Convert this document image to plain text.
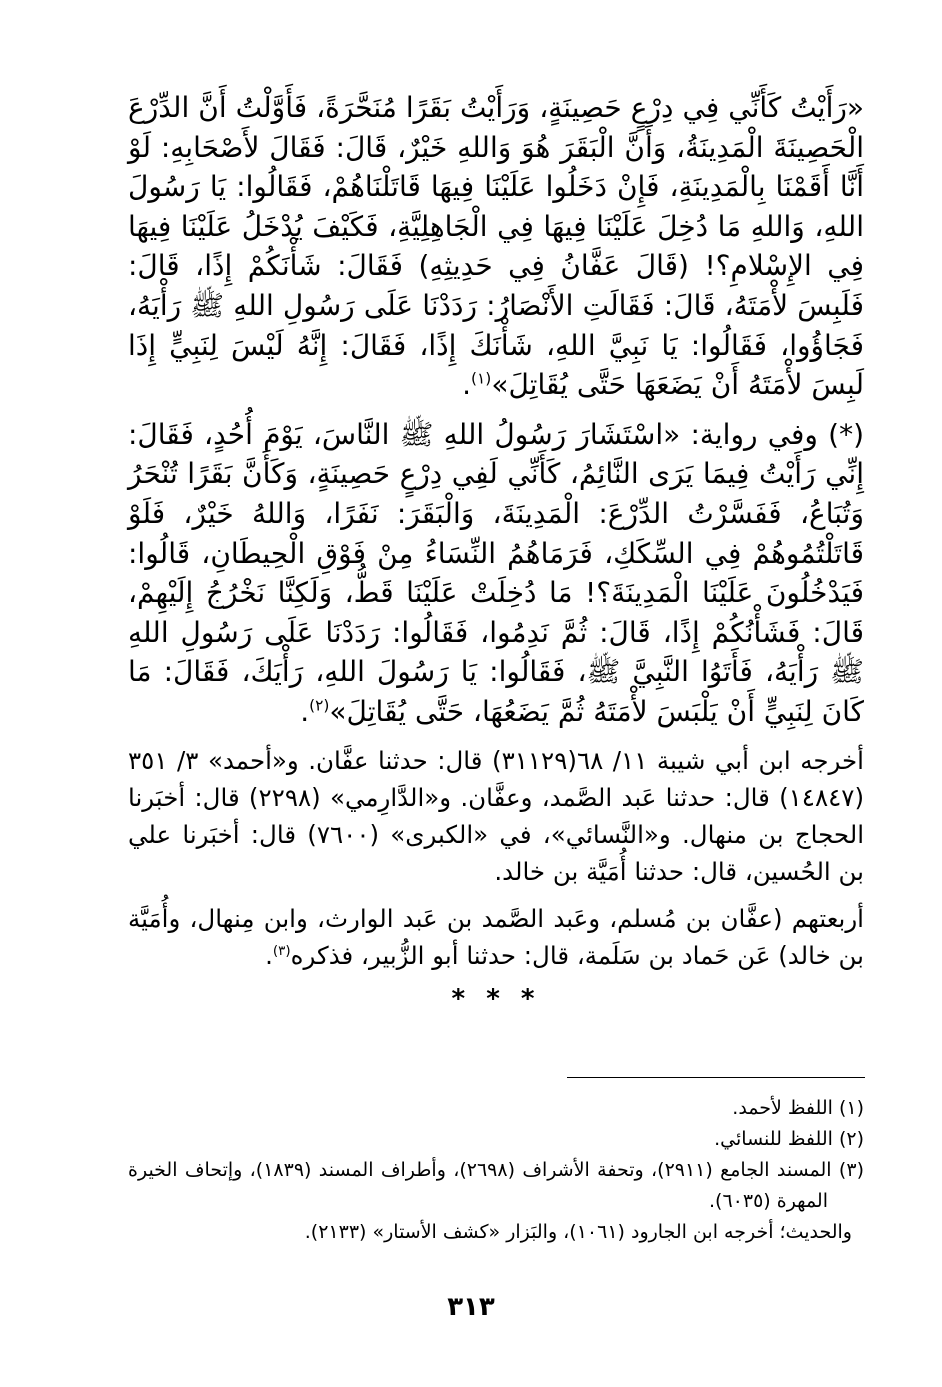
«رَأَيْتُ كَأَنِّي فِي دِرْعٍ حَصِينَةٍ، وَرَأَيْتُ بَقَرًا مُنَحَّرَةً، فَأَوَّلْتُ أَنَّ الدِّرْعَ الْحَصِينَةَ الْمَدِينَةُ، وَأَنَّ الْبَقَرَ هُوَ وَاللهِ خَيْرٌ، قَالَ: فَقَالَ لأَصْحَابِهِ: لَوْ أَنَّا أَقَمْنَا بِالْمَدِينَةِ، فَإِنْ دَخَلُوا عَلَيْنَا فِيهَا قَاتَلْنَاهُمْ، فَقَالُوا: يَا رَسُولَ اللهِ، وَاللهِ مَا دُخِلَ عَلَيْنَا فِيهَا فِي الْجَاهِلِيَّةِ، فَكَيْفَ يُدْخَلُ عَلَيْنَا فِيهَا فِي الإِسْلامِ؟! (قَالَ عَفَّانُ فِي حَدِيثِهِ) فَقَالَ: شَأْنَكُمْ إِذًا، قَالَ: فَلَبِسَ لأْمَتَهُ، قَالَ: فَقَالَتِ الأَنْصَارُ: رَدَدْنَا عَلَى رَسُولِ اللهِ ﷺ رَأْيَهُ، فَجَاؤُوا، فَقَالُوا: يَا نَبِيَّ اللهِ، شَأْنَكَ إِذًا، فَقَالَ: إِنَّهُ لَيْسَ لِنَبِيٍّ إِذَا لَبِسَ لأْمَتَهُ أَنْ يَضَعَهَا حَتَّى يُقَاتِلَ»$^{(١)}$.

(*) وفي رواية: «اسْتَشَارَ رَسُولُ اللهِ ﷺ النَّاسَ، يَوْمَ أُحُدٍ، فَقَالَ: إِنِّي رَأَيْتُ فِيمَا يَرَى النَّائِمُ، كَأَنِّي لَفِي دِرْعٍ حَصِينَةٍ، وَكَأَنَّ بَقَرًا تُنْحَرُ وَتُبَاعُ، فَفَسَّرْتُ الدِّرْعَ: الْمَدِينَةَ، وَالْبَقَرَ: نَفَرًا، وَاللهُ خَيْرٌ، فَلَوْ قَاتَلْتُمُوهُمْ فِي السِّكَكِ، فَرَمَاهُمُ النِّسَاءُ مِنْ فَوْقِ الْحِيطَانِ، قَالُوا: فَيَدْخُلُونَ عَلَيْنَا الْمَدِينَةَ؟! مَا دُخِلَتْ عَلَيْنَا قَطُّ، وَلَكِنَّا نَخْرُجُ إِلَيْهِمْ، قَالَ: فَشَأْنُكُمْ إِذًا، قَالَ: ثُمَّ نَدِمُوا، فَقَالُوا: رَدَدْنَا عَلَى رَسُولِ اللهِ ﷺ رَأْيَهُ، فَأَتَوُا النَّبِيَّ ﷺ، فَقَالُوا: يَا رَسُولَ اللهِ، رَأْيَكَ، فَقَالَ: مَا كَانَ لِنَبِيٍّ أَنْ يَلْبَسَ لأْمَتَهُ ثُمَّ يَضَعُهَا، حَتَّى يُقَاتِلَ»$^{(٢)}$.

أخرجه ابن أبي شيبة ١١/ ٦٨(٣١١٢٩) قال: حدثنا عفَّان. و«أحمد» ٣/ ٣٥١ (١٤٨٤٧) قال: حدثنا عَبد الصَّمد، وعفَّان. و«الدَّارِمي» (٢٢٩٨) قال: أخبَرنا الحجاج بن منهال. و«النَّسائي»، في «الكبرى» (٧٦٠٠) قال: أخبَرنا علي بن الحُسين، قال: حدثنا أُمَيَّة بن خالد.

أربعتهم (عفَّان بن مُسلم، وعَبد الصَّمد بن عَبد الوارث، وابن مِنهال، وأُمَيَّة بن خالد) عَن حَماد بن سَلَمة، قال: حدثنا أبو الزُّبير، فذكره$^{(٣)}$.

* * *

(١) اللفظ لأحمد.

(٢) اللفظ للنسائي.

(٣) المسند الجامع (٢٩١١)، وتحفة الأشراف (٢٦٩٨)، وأطراف المسند (١٨٣٩)، وإتحاف الخيرة المهرة (٦٠٣٥).

والحديث؛ أخرجه ابن الجارود (١٠٦١)، والبَزار «كشف الأستار» (٢١٣٣).

٣١٣
